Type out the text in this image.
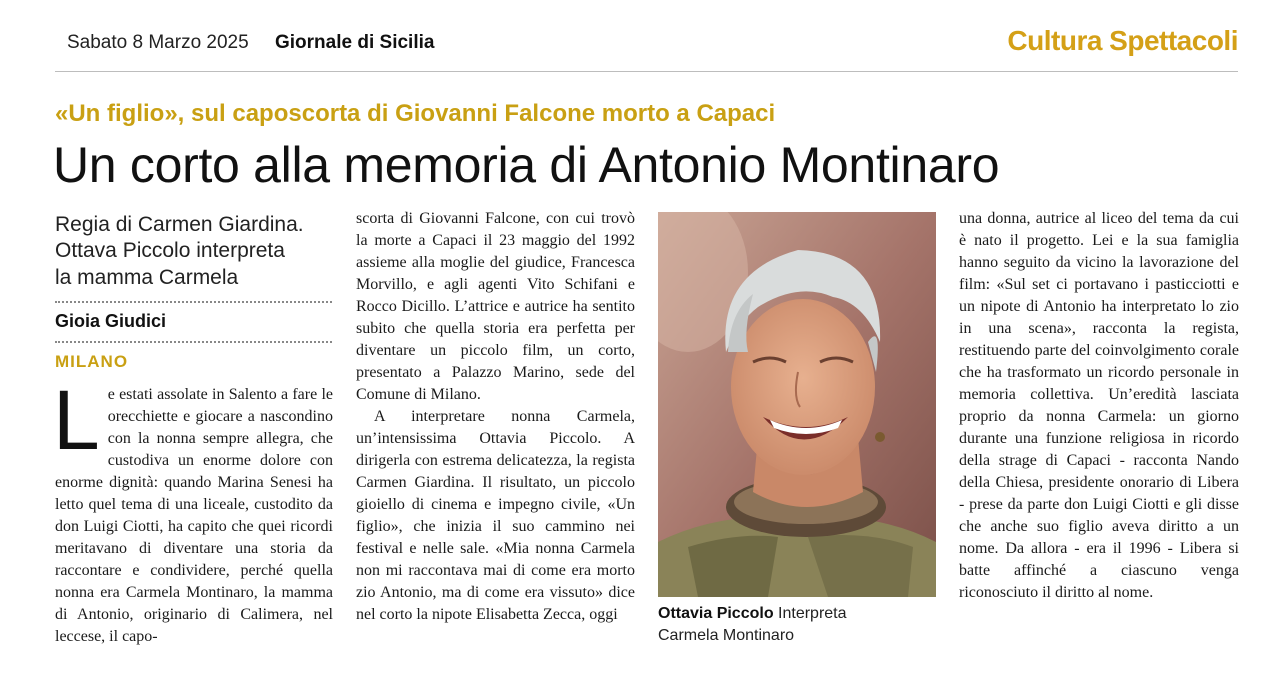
Sabato 8 Marzo 2025 Giornale di Sicilia	Cultura Spettacoli
«Un figlio», sul caposcorta di Giovanni Falcone morto a Capaci
Un corto alla memoria di Antonio Montinaro
Regia di Carmen Giardina.
Ottava Piccolo interpreta
la mamma Carmela
Gioia Giudici
MILANO
L e estati assolate in Salento a fare le orecchiette e giocare a nascondino con la nonna sempre allegra, che custodiva un enorme dolore con enorme dignità: quando Marina Senesi ha letto quel tema di una liceale, custodito da don Luigi Ciotti, ha capito che quei ricordi meritavano di diventare una storia da raccontare e condividere, perché quella nonna era Carmela Montinaro, la mamma di Antonio, originario di Calimera, nel leccese, il capo-

scorta di Giovanni Falcone, con cui trovò la morte a Capaci il 23 maggio del 1992 assieme alla moglie del giudice, Francesca Morvillo, e agli agenti Vito Schifani e Rocco Dicillo. L’attrice e autrice ha sentito subito che quella storia era perfetta per diventare un piccolo film, un corto, presentato a Palazzo Marino, sede del Comune di Milano.

A interpretare nonna Carmela, un’intensissima Ottavia Piccolo. A dirigerla con estrema delicatezza, la regista Carmen Giardina. Il risultato, un piccolo gioiello di cinema e impegno civile, «Un figlio», che inizia il suo cammino nei festival e nelle sale. «Mia nonna Carmela non mi raccontava mai di come era morto zio Antonio, ma di come era vissuto» dice nel corto la nipote Elisabetta Zecca, oggi	Ottavia Piccolo Interpreta
Carmela Montinaro

una donna, autrice al liceo del tema da cui è nato il progetto. Lei e la sua famiglia hanno seguito da vicino la lavorazione del film: «Sul set ci portavano i pasticciotti e un nipote di Antonio ha interpretato lo zio in una scena», racconta la regista, restituendo parte del coinvolgimento corale che ha trasformato un ricordo personale in memoria collettiva. Un’eredità lasciata proprio da nonna Carmela: un giorno durante una funzione religiosa in ricordo della strage di Capaci - racconta Nando della Chiesa, presidente onorario di Libera - prese da parte don Luigi Ciotti e gli disse che anche suo figlio aveva diritto a un nome. Da allora - era il 1996 - Libera si batte affinché a ciascuno venga riconosciuto il diritto al nome.
